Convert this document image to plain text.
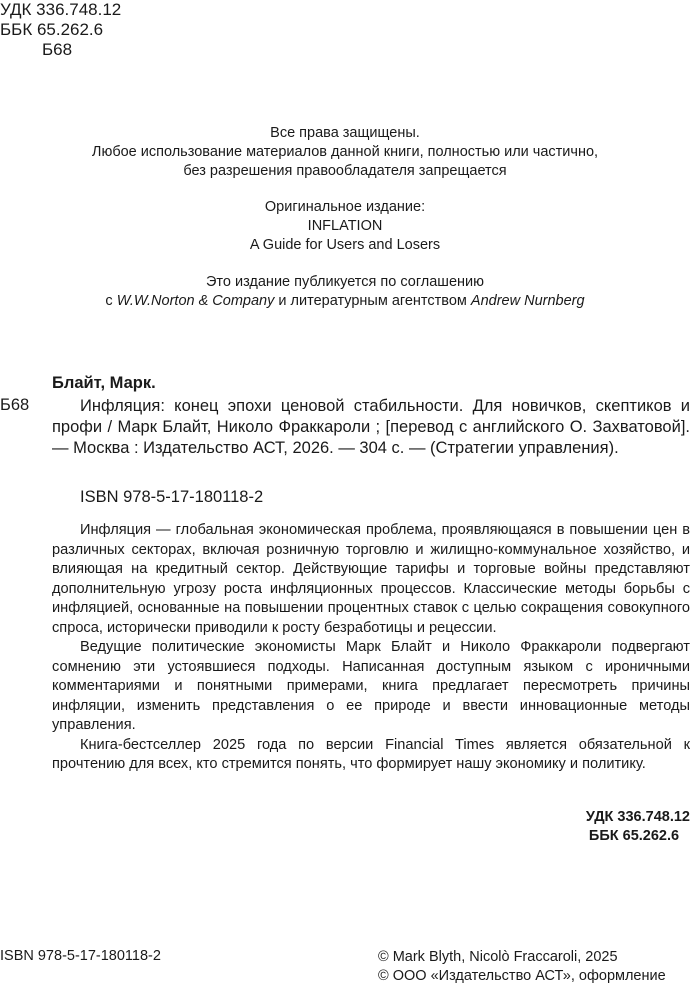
УДК 336.748.12
ББК 65.262.6
Б68
Все права защищены.
Любое использование материалов данной книги, полностью или частично,
без разрешения правообладателя запрещается
Оригинальное издание:
INFLATION
A Guide for Users and Losers
Это издание публикуется по соглашению
с W.W.Norton & Company и литературным агентством Andrew Nurnberg
Блайт, Марк.
Б68	Инфляция: конец эпохи ценовой стабильности. Для новичков, скептиков и профи / Марк Блайт, Николо Фраккароли ; [перевод с английского О. Захватовой]. — Москва : Издательство АСТ, 2026. — 304 с. — (Стратегии управления).

ISBN 978-5-17-180118-2

Инфляция — глобальная экономическая проблема, проявляющаяся в повышении цен в различных секторах, включая розничную торговлю и жилищно-коммунальное хозяйство, и влияющая на кредитный сектор. Действующие тарифы и торговые войны представляют дополнительную угрозу роста инфляционных процессов. Классические методы борьбы с инфляцией, основанные на повышении процентных ставок с целью сокращения совокупного спроса, исторически приводили к росту безработицы и рецессии.

Ведущие политические экономисты Марк Блайт и Николо Фраккароли подвергают сомнению эти устоявшиеся подходы. Написанная доступным языком с ироничными комментариями и понятными примерами, книга предлагает пересмотреть причины инфляции, изменить представления о ее природе и ввести инновационные методы управления.

Книга-бестселлер 2025 года по версии Financial Times является обязательной к прочтению для всех, кто стремится понять, что формирует нашу экономику и политику.

УДК 336.748.12
ББК 65.262.6
ISBN 978-5-17-180118-2	© Mark Blyth, Nicolò Fraccaroli, 2025
© ООО «Издательство АСТ», оформление
